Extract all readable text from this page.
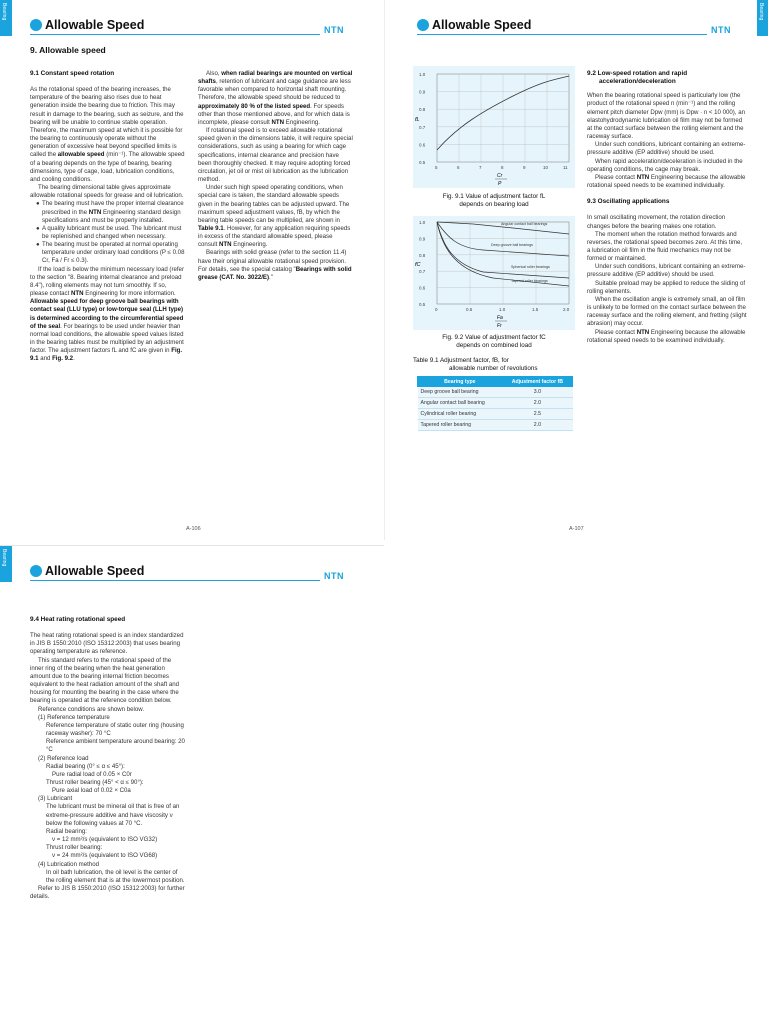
Bearing
Allowable Speed	NTN
9. Allowable speed

9.1 Constant speed rotation

As the rotational speed of the bearing increases, the temperature of the bearing also rises due to heat generation inside the bearing due to friction. This may result in damage to the bearing, such as seizure, and the bearing will be unable to continue stable operation. Therefore, the maximum speed at which it is possible for the bearing to continuously operate without the generation of excessive heat beyond specified limits is called the allowable speed (min⁻¹). The allowable speed of a bearing depends on the type of bearing, bearing dimensions, type of cage, load, lubrication conditions, and cooling conditions.

The bearing dimensional table gives approximate allowable rotational speeds for grease and oil lubrication.

● The bearing must have the proper internal clearance prescribed in the NTN Engineering standard design specifications and must be properly installed.
● A quality lubricant must be used. The lubricant must be replenished and changed when necessary.
● The bearing must be operated at normal operating temperature under ordinary load conditions (P ≤ 0.08 Cr, Fa / Fr ≤ 0.3).

If the load is below the minimum necessary load (refer to the section "8. Bearing internal clearance and preload 8.4"), rolling elements may not turn smoothly. If so, please contact NTN Engineering for more information. Allowable speed for deep groove ball bearings with contact seal (LLU type) or low-torque seal (LLH type) is determined according to the circumferential speed of the seal. For bearings to be used under heavier than normal load conditions, the allowable speed values listed in the bearing tables must be multiplied by an adjustment factor. The adjustment factors fL and fC are given in Fig. 9.1 and Fig. 9.2.

Also, when radial bearings are mounted on vertical shafts, retention of lubricant and cage guidance are less favorable when compared to horizontal shaft mounting. Therefore, the allowable speed should be reduced to approximately 80 % of the listed speed. For speeds other than those mentioned above, and for which data is incomplete, please consult NTN Engineering.

If rotational speed is to exceed allowable rotational speed given in the dimensions table, it will require special considerations, such as using a bearing for which cage specifications, internal clearance and precision have been thoroughly checked. It may require adopting forced circulation, jet oil or mist oil lubrication as the lubrication method.

Under such high speed operating conditions, when special care is taken, the standard allowable speeds given in the bearing tables can be adjusted upward. The maximum speed adjustment values, fB, by which the bearing table speeds can be multiplied, are shown in Table 9.1. However, for any application requiring speeds in excess of the standard allowable speed, please consult NTN Engineering.

Bearings with solid grease (refer to the section 11.4) have their original allowable rotational speed provision. For details, see the special catalog "Bearings with solid grease (CAT. No. 3022/E)."

A-106
Bearing
Allowable Speed	NTN
1.0
0.9
0.8
0.7
0.6
0.5
5	6	7	8	9	10	11
fL
Cr
P
Fig. 9.1 Value of adjustment factor fL
depends on bearing load
Angular contact ball bearings
Deep groove ball bearings
Spherical roller bearings
Tapered roller bearings
1.0
0.9
0.8
0.7
0.6
0.5
0	0.5	1.0	1.5	2.0
fC
Fa
Fr
Fig. 9.2 Value of adjustment factor fC
depends on combined load
Table 9.1 Adjustment factor, fB, for
allowable number of revolutions
Bearing type	Adjustment factor fB
Deep groove ball bearing	3.0
Angular contact ball bearing	2.0
Cylindrical roller bearing	2.5
Tapered roller bearing	2.0

9.2 Low-speed rotation and rapid
acceleration/deceleration

When the bearing rotational speed is particularly low (the product of the rotational speed n (min⁻¹) and the rolling element pitch diameter Dpw (mm) is Dpw · n < 10 000), an elastohydrodynamic lubrication oil film may not be formed at the contact surface between the rolling element and the raceway surface.

Under such conditions, lubricant containing an extreme-pressure additive (EP additive) should be used.

When rapid acceleration/deceleration is included in the operating conditions, the cage may break.

Please contact NTN Engineering because the allowable rotational speed needs to be examined individually.

9.3 Oscillating applications

In small oscillating movement, the rotation direction changes before the bearing makes one rotation.

The moment when the rotation method forwards and reverses, the rotational speed becomes zero. At this time, a lubrication oil film in the fluid mechanics may not be formed or maintained.

Under such conditions, lubricant containing an extreme-pressure additive (EP additive) should be used.

Suitable preload may be applied to reduce the sliding of rolling elements.

When the oscillation angle is extremely small, an oil film is unlikely to be formed on the contact surface between the raceway surface and the rolling element, and fretting (slight abrasion) may occur.

Please contact NTN Engineering because the allowable rotational speed needs to be examined individually.

A-107
Bearing
Allowable Speed	NTN

9.4 Heat rating rotational speed

The heat rating rotational speed is an index standardized in JIS B 1550:2010 (ISO 15312:2003) that uses bearing operating temperature as reference.

This standard refers to the rotational speed of the inner ring of the bearing when the heat generation amount due to the bearing internal friction becomes equivalent to the heat radiation amount of the shaft and housing for mounting the bearing in the case where the bearing is operated at the reference condition below.

Reference conditions are shown below.

(1) Reference temperature
Reference temperature of static outer ring (housing raceway washer): 70 °C
Reference ambient temperature around bearing: 20 °C
(2) Reference load
Radial bearing (0° ≤ α ≤ 45°):
Pure radial load of 0.05 × C0r
Thrust roller bearing (45° < α ≤ 90°):
Pure axial load of 0.02 × C0a
(3) Lubricant
The lubricant must be mineral oil that is free of an extreme-pressure additive and have viscosity ν below the following values at 70 °C.
Radial bearing:
ν = 12 mm²/s (equivalent to ISO VG32)
Thrust roller bearing:
ν = 24 mm²/s (equivalent to ISO VG68)
(4) Lubrication method
In oil bath lubrication, the oil level is the center of the rolling element that is at the lowermost position.

Refer to JIS B 1550:2010 (ISO 15312:2003) for further details.
